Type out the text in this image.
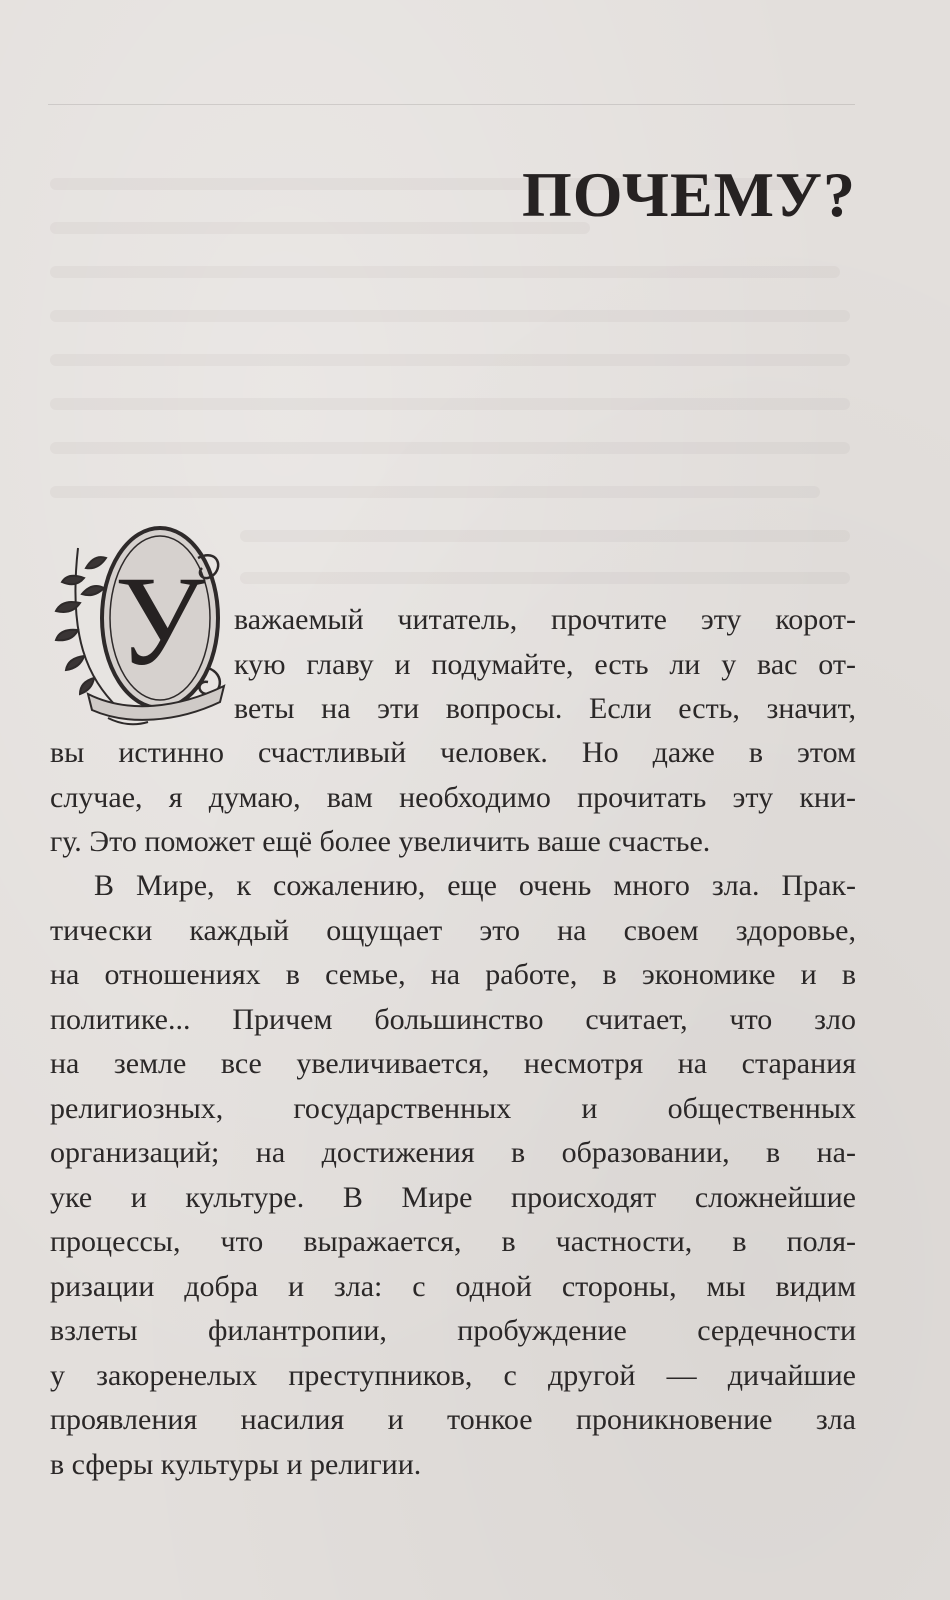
ПОЧЕМУ?
У важаемый читатель, прочтите эту корот-
кую главу и подумайте, есть ли у вас от-
веты на эти вопросы. Если есть, значит,
вы истинно счастливый человек. Но даже в этом
случае, я думаю, вам необходимо прочитать эту кни-
гу. Это поможет ещё более увеличить ваше счастье.
В Мире, к сожалению, еще очень много зла. Прак-
тически каждый ощущает это на своем здоровье,
на отношениях в семье, на работе, в экономике и в
политике... Причем большинство считает, что зло
на земле все увеличивается, несмотря на старания
религиозных, государственных и общественных
организаций; на достижения в образовании, в на-
уке и культуре. В Мире происходят сложнейшие
процессы, что выражается, в частности, в поля-
ризации добра и зла: с одной стороны, мы видим
взлеты филантропии, пробуждение сердечности
у закоренелых преступников, с другой — дичайшие
проявления насилия и тонкое проникновение зла
в сферы культуры и религии.
